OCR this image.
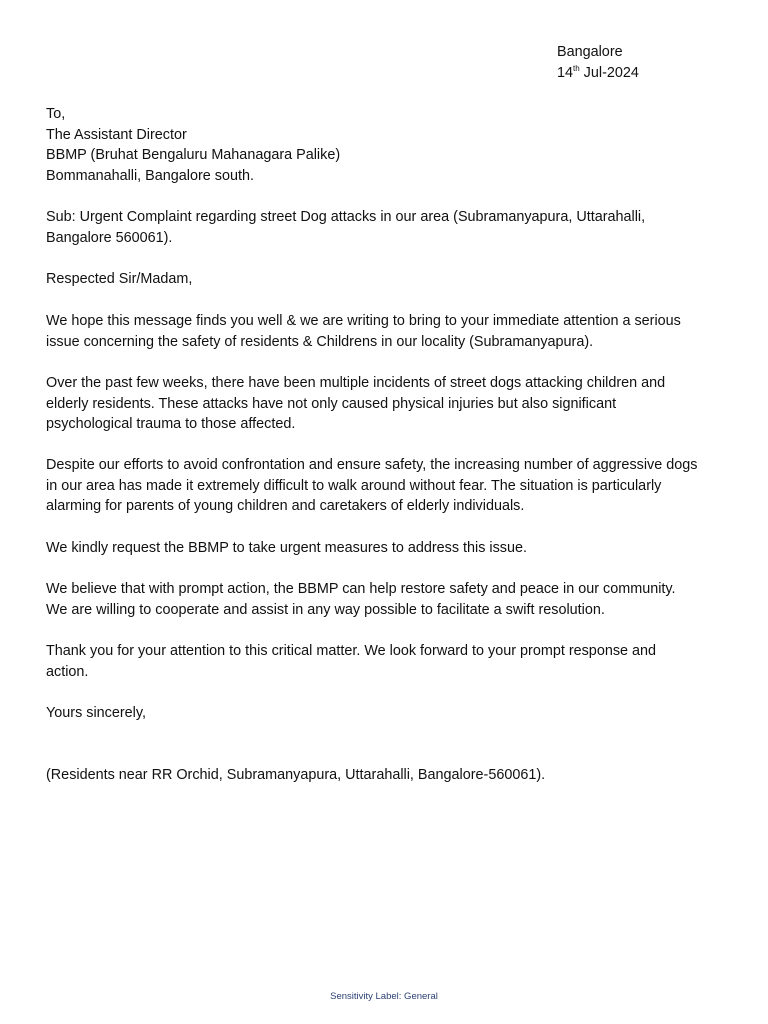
Bangalore
14th Jul-2024
To,
The Assistant Director
BBMP (Bruhat Bengaluru Mahanagara Palike)
Bommanahalli, Bangalore south.
Sub: Urgent Complaint regarding street Dog attacks in our area (Subramanyapura, Uttarahalli,
Bangalore 560061).
Respected Sir/Madam,
We hope this message finds you well & we are writing to bring to your immediate attention a serious
issue concerning the safety of residents & Childrens in our locality (Subramanyapura).
Over the past few weeks, there have been multiple incidents of street dogs attacking children and
elderly residents. These attacks have not only caused physical injuries but also significant
psychological trauma to those affected.
Despite our efforts to avoid confrontation and ensure safety, the increasing number of aggressive dogs
in our area has made it extremely difficult to walk around without fear. The situation is particularly
alarming for parents of young children and caretakers of elderly individuals.
We kindly request the BBMP to take urgent measures to address this issue.
We believe that with prompt action, the BBMP can help restore safety and peace in our community.
We are willing to cooperate and assist in any way possible to facilitate a swift resolution.
Thank you for your attention to this critical matter. We look forward to your prompt response and
action.
Yours sincerely,
(Residents near RR Orchid, Subramanyapura, Uttarahalli, Bangalore-560061).
Sensitivity Label: General
